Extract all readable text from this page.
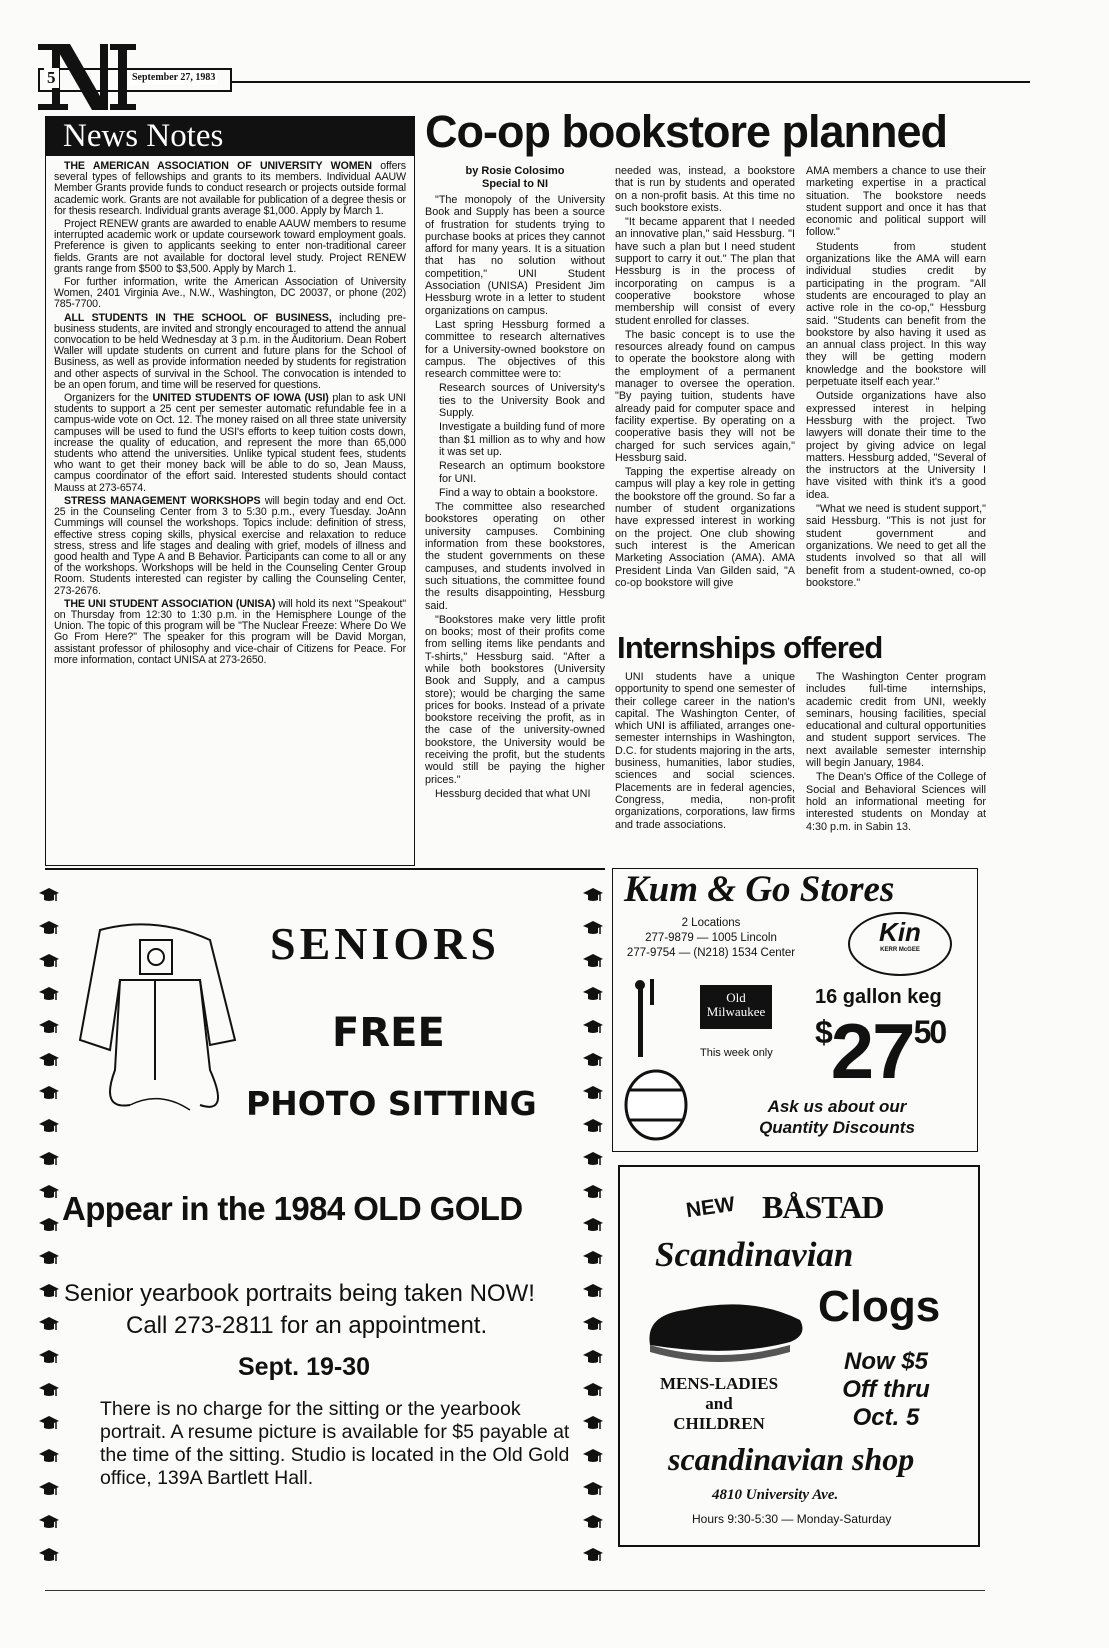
5	September 27, 1983
News Notes

THE AMERICAN ASSOCIATION OF UNIVERSITY WOMEN offers several types of fellowships and grants to its members. Individual AAUW Member Grants provide funds to conduct research or projects outside formal academic work. Grants are not available for publication of a degree thesis or for thesis research. Individual grants average $1,000. Apply by March 1.

Project RENEW grants are awarded to enable AAUW members to resume interrupted academic work or update coursework toward employment goals. Preference is given to applicants seeking to enter non-traditional career fields. Grants are not available for doctoral level study. Project RENEW grants range from $500 to $3,500. Apply by March 1.

For further information, write the American Association of University Women, 2401 Virginia Ave., N.W., Washington, DC 20037, or phone (202) 785-7700.

ALL STUDENTS IN THE SCHOOL OF BUSINESS, including pre-business students, are invited and strongly encouraged to attend the annual convocation to be held Wednesday at 3 p.m. in the Auditorium. Dean Robert Waller will update students on current and future plans for the School of Business, as well as provide information needed by students for registration and other aspects of survival in the School. The convocation is intended to be an open forum, and time will be reserved for questions.

Organizers for the UNITED STUDENTS OF IOWA (USI) plan to ask UNI students to support a 25 cent per semester automatic refundable fee in a campus-wide vote on Oct. 12. The money raised on all three state university campuses will be used to fund the USI's efforts to keep tuition costs down, increase the quality of education, and represent the more than 65,000 students who attend the universities. Unlike typical student fees, students who want to get their money back will be able to do so, Jean Mauss, campus coordinator of the effort said. Interested students should contact Mauss at 273-6574.

STRESS MANAGEMENT WORKSHOPS will begin today and end Oct. 25 in the Counseling Center from 3 to 5:30 p.m., every Tuesday. JoAnn Cummings will counsel the workshops. Topics include: definition of stress, effective stress coping skills, physical exercise and relaxation to reduce stress, stress and life stages and dealing with grief, models of illness and good health and Type A and B Behavior. Participants can come to all or any of the workshops. Workshops will be held in the Counseling Center Group Room. Students interested can register by calling the Counseling Center, 273-2676.

THE UNI STUDENT ASSOCIATION (UNISA) will hold its next "Speakout" on Thursday from 12:30 to 1:30 p.m. in the Hemisphere Lounge of the Union. The topic of this program will be "The Nuclear Freeze: Where Do We Go From Here?" The speaker for this program will be David Morgan, assistant professor of philosophy and vice-chair of Citizens for Peace. For more information, contact UNISA at 273-2650.

Co-op bookstore planned
by Rosie Colosimo
Special to NI

"The monopoly of the University Book and Supply has been a source of frustration for students trying to purchase books at prices they cannot afford for many years. It is a situation that has no solution without competition," UNI Student Association (UNISA) President Jim Hessburg wrote in a letter to student organizations on campus.

Last spring Hessburg formed a committee to research alternatives for a University-owned bookstore on campus. The objectives of this research committee were to:

Research sources of University's ties to the University Book and Supply.

Investigate a building fund of more than $1 million as to why and how it was set up.

Research an optimum bookstore for UNI.

Find a way to obtain a bookstore.

The committee also researched bookstores operating on other university campuses. Combining information from these bookstores, the student governments on these campuses, and students involved in such situations, the committee found the results disappointing, Hessburg said.

"Bookstores make very little profit on books; most of their profits come from selling items like pendants and T-shirts," Hessburg said. "After a while both bookstores (University Book and Supply, and a campus store); would be charging the same prices for books. Instead of a private bookstore receiving the profit, as in the case of the university-owned bookstore, the University would be receiving the profit, but the students would still be paying the higher prices."

Hessburg decided that what UNI

needed was, instead, a bookstore that is run by students and operated on a non-profit basis. At this time no such bookstore exists.

"It became apparent that I needed an innovative plan," said Hessburg. "I have such a plan but I need student support to carry it out." The plan that Hessburg is in the process of incorporating on campus is a cooperative bookstore whose membership will consist of every student enrolled for classes.

The basic concept is to use the resources already found on campus to operate the bookstore along with the employment of a permanent manager to oversee the operation. "By paying tuition, students have already paid for computer space and facility expertise. By operating on a cooperative basis they will not be charged for such services again," Hessburg said.

Tapping the expertise already on campus will play a key role in getting the bookstore off the ground. So far a number of student organizations have expressed interest in working on the project. One club showing such interest is the American Marketing Association (AMA). AMA President Linda Van Gilden said, "A co-op bookstore will give

AMA members a chance to use their marketing expertise in a practical situation. The bookstore needs student support and once it has that economic and political support will follow."

Students from student organizations like the AMA will earn individual studies credit by participating in the program. "All students are encouraged to play an active role in the co-op," Hessburg said. "Students can benefit from the bookstore by also having it used as an annual class project. In this way they will be getting modern knowledge and the bookstore will perpetuate itself each year."

Outside organizations have also expressed interest in helping Hessburg with the project. Two lawyers will donate their time to the project by giving advice on legal matters. Hessburg added, "Several of the instructors at the University I have visited with think it's a good idea.

"What we need is student support," said Hessburg. "This is not just for student government and organizations. We need to get all the students involved so that all will benefit from a student-owned, co-op bookstore."

Internships offered

UNI students have a unique opportunity to spend one semester of their college career in the nation's capital. The Washington Center, of which UNI is affiliated, arranges one-semester internships in Washington, D.C. for students majoring in the arts, business, humanities, labor studies, sciences and social sciences. Placements are in federal agencies, Congress, media, non-profit organizations, corporations, law firms and trade associations.

The Washington Center program includes full-time internships, academic credit from UNI, weekly seminars, housing facilities, special educational and cultural opportunities and student support services. The next available semester internship will begin January, 1984.

The Dean's Office of the College of Social and Behavioral Sciences will hold an informational meeting for interested students on Monday at 4:30 p.m. in Sabin 13.

SENIORS
FREE
PHOTO SITTING
Appear in the 1984 OLD GOLD
Senior yearbook portraits being taken NOW!
Call 273-2811 for an appointment.
Sept. 19-30
There is no charge for the sitting or the yearbook portrait. A resume picture is available for $5 payable at the time of the sitting. Studio is located in the Old Gold office, 139A Bartlett Hall.
Kum & Go Stores
2 Locations
277-9879 — 1005 Lincoln
277-9754 — (N218) 1534 Center
Kin
KERR McGEE
Old Milwaukee
This week only
16 gallon keg
$2750
Ask us about our
Quantity Discounts
NEW BÅSTAD
Scandinavian
Clogs
Now $5
Off thru
Oct. 5
MENS-LADIES
and
CHILDREN
scandinavian shop
4810 University Ave.
Hours 9:30-5:30 — Monday-Saturday
